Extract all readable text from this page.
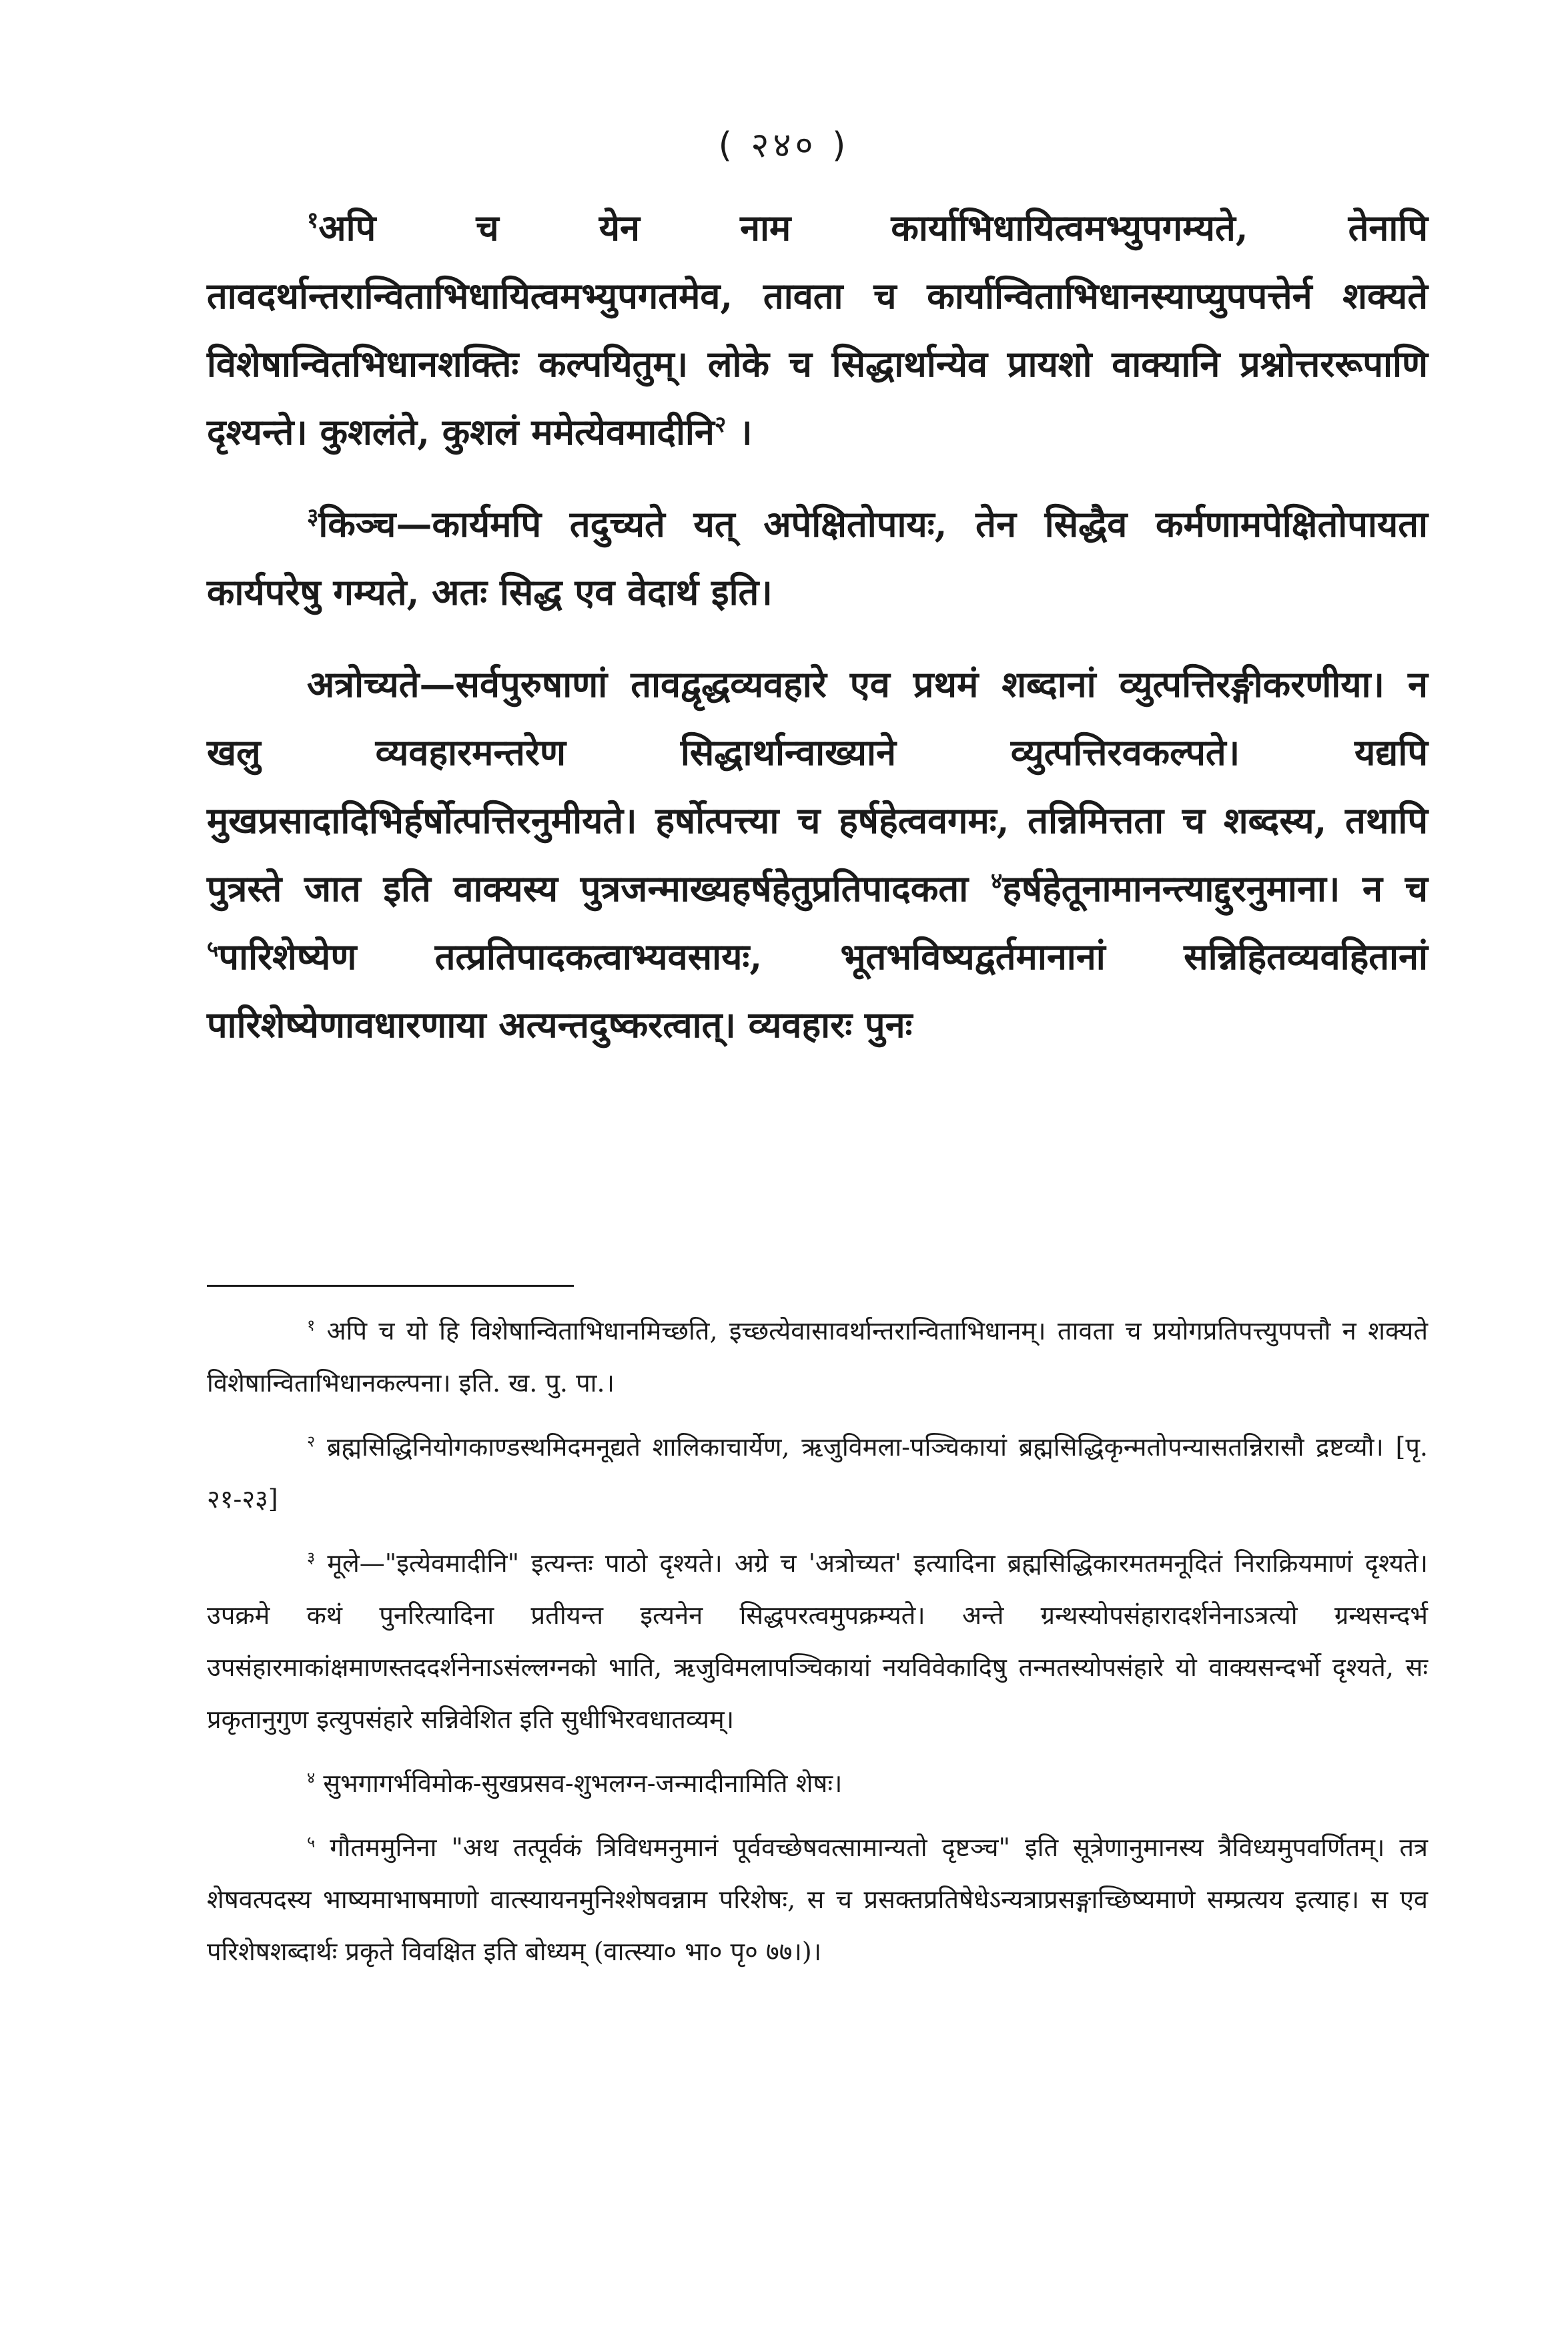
( २४० )

$^१$अपि च येन नाम कार्याभिधायित्वमभ्युपगम्यते, तेनापि तावदर्थान्तरान्विताभिधायित्वमभ्युपगतमेव, तावता च कार्यान्विताभिधानस्याप्युपपत्तेर्न शक्यते विशेषान्वितभिधानशक्तिः कल्पयितुम्। लोके च सिद्धार्थान्येव प्रायशो वाक्यानि प्रश्नोत्तररूपाणि दृश्यन्ते। कुशलंते, कुशलं ममेत्येवमादीनि$^२$ ।

$^३$किञ्च—कार्यमपि तदुच्यते यत् अपेक्षितोपायः, तेन सिद्धैव कर्मणामपेक्षितोपायता कार्यपरेषु गम्यते, अतः सिद्ध एव वेदार्थ इति।

अत्रोच्यते—सर्वपुरुषाणां तावद्वृद्धव्यवहारे एव प्रथमं शब्दानां व्युत्पत्तिरङ्गीकरणीया। न खलु व्यवहारमन्तरेण सिद्धार्थान्वाख्याने व्युत्पत्तिरवकल्पते। यद्यपि मुखप्रसादादिभिर्हर्षोत्पत्तिरनुमीयते। हर्षोत्पत्त्या च हर्षहेत्ववगमः, तन्निमित्तता च शब्दस्य, तथापि पुत्रस्ते जात इति वाक्यस्य पुत्रजन्माख्यहर्षहेतुप्रतिपादकता $^४$हर्षहेतूनामानन्त्याद्दुरनुमाना। न च $^५$पारिशेष्येण तत्प्रतिपादकत्वाभ्यवसायः, भूतभविष्यद्वर्तमानानां सन्निहितव्यवहितानां पारिशेष्येणावधारणाया अत्यन्तदुष्करत्वात्। व्यवहारः पुनः

$^१$ अपि च यो हि विशेषान्विताभिधानमिच्छति, इच्छत्येवासावर्थान्तरान्विताभिधानम्। तावता च प्रयोगप्रतिपत्त्युपपत्तौ न शक्यते विशेषान्विताभिधानकल्पना। इति. ख. पु. पा.।

$^२$ ब्रह्मसिद्धिनियोगकाण्डस्थमिदमनूद्यते शालिकाचार्येण, ऋजुविमला-पञ्चिकायां ब्रह्मसिद्धिकृन्मतोपन्यासतन्निरासौ द्रष्टव्यौ। [पृ. २१-२३]

$^३$ मूले—"इत्येवमादीनि" इत्यन्तः पाठो दृश्यते। अग्रे च 'अत्रोच्यत' इत्यादिना ब्रह्मसिद्धिकारमतमनूदितं निराक्रियमाणं दृश्यते। उपक्रमे कथं पुनरित्यादिना प्रतीयन्त इत्यनेन सिद्धपरत्वमुपक्रम्यते। अन्ते ग्रन्थस्योपसंहारादर्शनेनाऽत्रत्यो ग्रन्थसन्दर्भ उपसंहारमाकांक्षमाणस्तददर्शनेनाऽसंल्लग्नको भाति, ऋजुविमलापञ्चिकायां नयविवेकादिषु तन्मतस्योपसंहारे यो वाक्यसन्दर्भो दृश्यते, सः प्रकृतानुगुण इत्युपसंहारे सन्निवेशित इति सुधीभिरवधातव्यम्।

$^४$ सुभगागर्भविमोक-सुखप्रसव-शुभलग्न-जन्मादीनामिति शेषः।

$^५$ गौतममुनिना "अथ तत्पूर्वकं त्रिविधमनुमानं पूर्ववच्छेषवत्सामान्यतो दृष्टञ्च" इति सूत्रेणानुमानस्य त्रैविध्यमुपवर्णितम्। तत्र शेषवत्पदस्य भाष्यमाभाषमाणो वात्स्यायनमुनिश्शेषवन्नाम परिशेषः, स च प्रसक्तप्रतिषेधेऽन्यत्राप्रसङ्गाच्छिष्यमाणे सम्प्रत्यय इत्याह। स एव परिशेषशब्दार्थः प्रकृते विवक्षित इति बोध्यम् (वात्स्या० भा० पृ० ७७।)।
